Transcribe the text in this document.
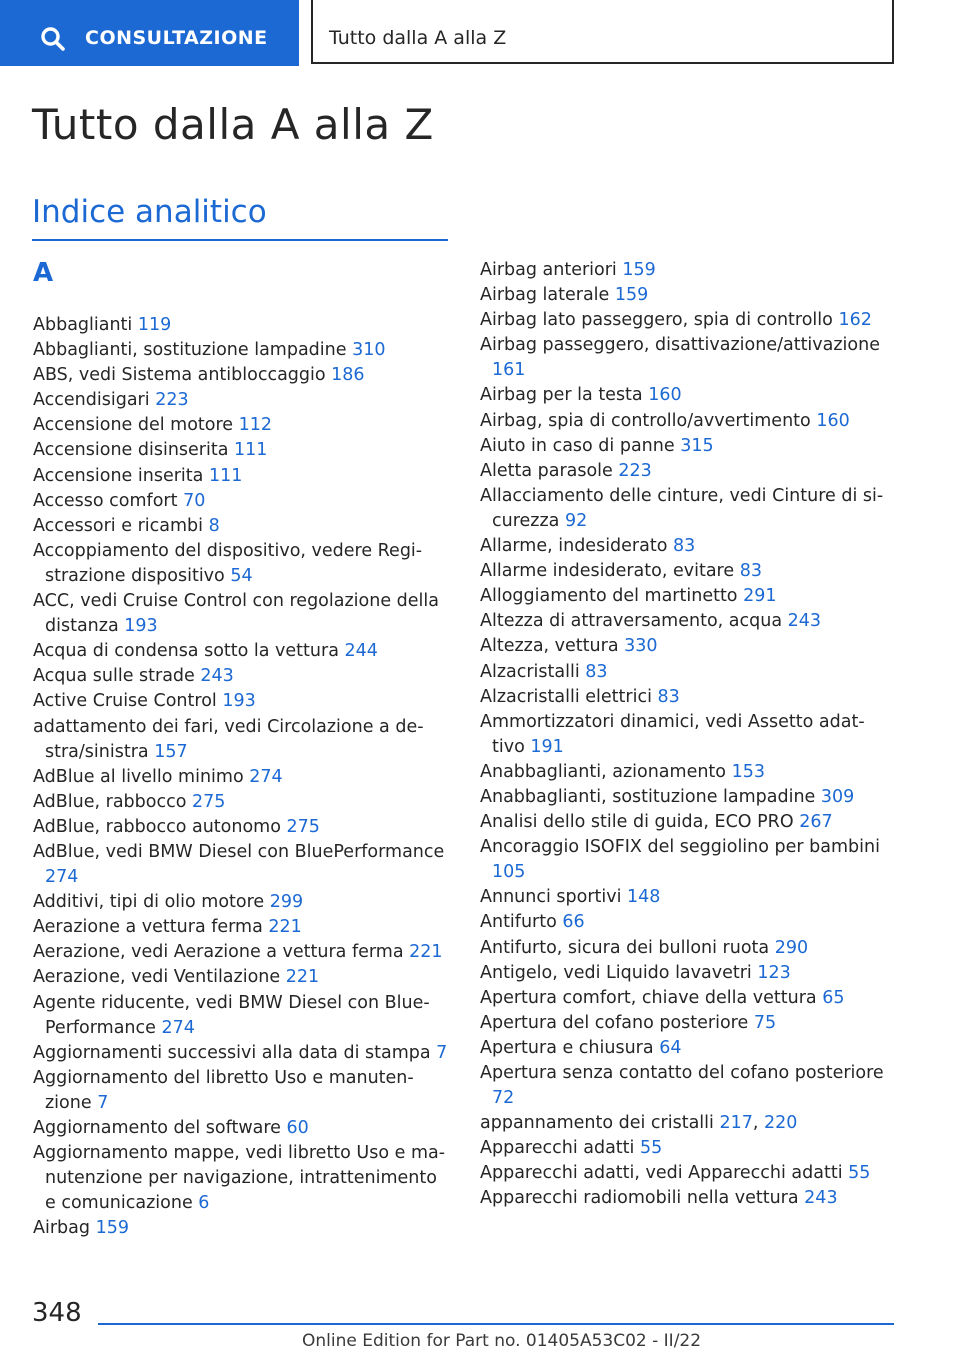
CONSULTAZIONE	Tutto dalla A alla Z
Tutto dalla A alla Z
Indice analitico
A
Abbaglianti 119
Abbaglianti, sostituzione lampadine 310
ABS, vedi Sistema antibloccaggio 186
Accendisigari 223
Accensione del motore 112
Accensione disinserita 111
Accensione inserita 111
Accesso comfort 70
Accessori e ricambi 8
Accoppiamento del dispositivo, vedere Registrazione dispositivo 54
ACC, vedi Cruise Control con regolazione della distanza 193
Acqua di condensa sotto la vettura 244
Acqua sulle strade 243
Active Cruise Control 193
adattamento dei fari, vedi Circolazione a destra/sinistra 157
AdBlue al livello minimo 274
AdBlue, rabbocco 275
AdBlue, rabbocco autonomo 275
AdBlue, vedi BMW Diesel con BluePerformance 274
Additivi, tipi di olio motore 299
Aerazione a vettura ferma 221
Aerazione, vedi Aerazione a vettura ferma 221
Aerazione, vedi Ventilazione 221
Agente riducente, vedi BMW Diesel con BluePerformance 274
Aggiornamenti successivi alla data di stampa 7
Aggiornamento del libretto Uso e manutenzione 7
Aggiornamento del software 60
Aggiornamento mappe, vedi libretto Uso e manutenzione per navigazione, intrattenimento e comunicazione 6
Airbag 159
Airbag anteriori 159
Airbag laterale 159
Airbag lato passeggero, spia di controllo 162
Airbag passeggero, disattivazione/attivazione 161
Airbag per la testa 160
Airbag, spia di controllo/avvertimento 160
Aiuto in caso di panne 315
Aletta parasole 223
Allacciamento delle cinture, vedi Cinture di sicurezza 92
Allarme, indesiderato 83
Allarme indesiderato, evitare 83
Alloggiamento del martinetto 291
Altezza di attraversamento, acqua 243
Altezza, vettura 330
Alzacristalli 83
Alzacristalli elettrici 83
Ammortizzatori dinamici, vedi Assetto adattivo 191
Anabbaglianti, azionamento 153
Anabbaglianti, sostituzione lampadine 309
Analisi dello stile di guida, ECO PRO 267
Ancoraggio ISOFIX del seggiolino per bambini 105
Annunci sportivi 148
Antifurto 66
Antifurto, sicura dei bulloni ruota 290
Antigelo, vedi Liquido lavavetri 123
Apertura comfort, chiave della vettura 65
Apertura del cofano posteriore 75
Apertura e chiusura 64
Apertura senza contatto del cofano posteriore 72
appannamento dei cristalli 217, 220
Apparecchi adatti 55
Apparecchi adatti, vedi Apparecchi adatti 55
Apparecchi radiomobili nella vettura 243
348
Online Edition for Part no. 01405A53C02 - II/22
